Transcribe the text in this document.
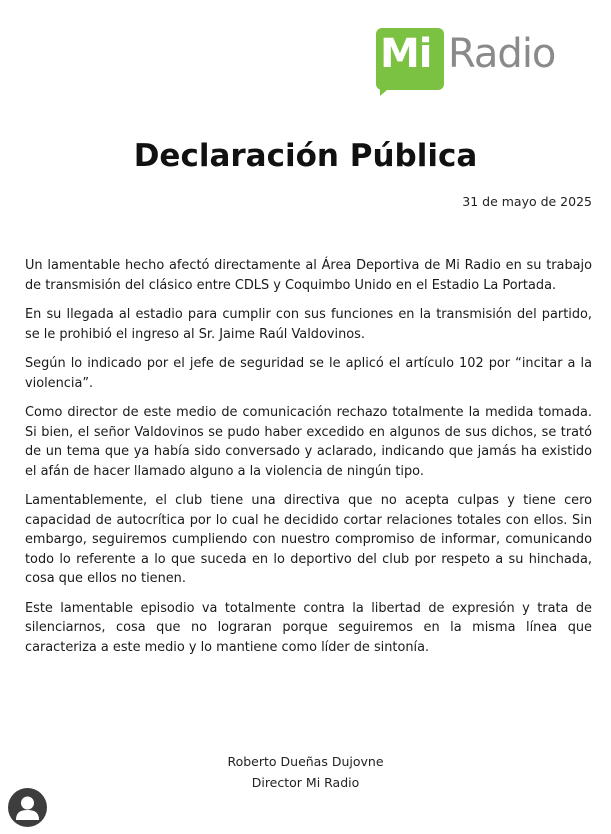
Mi Radio
Declaración Pública
31 de mayo de 2025

Un lamentable hecho afectó directamente al Área Deportiva de Mi Radio en su trabajo de transmisión del clásico entre CDLS y Coquimbo Unido en el Estadio La Portada.

En su llegada al estadio para cumplir con sus funciones en la transmisión del partido, se le prohibió el ingreso al Sr. Jaime Raúl Valdovinos.

Según lo indicado por el jefe de seguridad se le aplicó el artículo 102 por “incitar a la violencia”.

Como director de este medio de comunicación rechazo totalmente la medida tomada. Si bien, el señor Valdovinos se pudo haber excedido en algunos de sus dichos, se trató de un tema que ya había sido conversado y aclarado, indicando que jamás ha existido el afán de hacer llamado alguno a la violencia de ningún tipo.

Lamentablemente, el club tiene una directiva que no acepta culpas y tiene cero capacidad de autocrítica por lo cual he decidido cortar relaciones totales con ellos. Sin embargo, seguiremos cumpliendo con nuestro compromiso de informar, comunicando todo lo referente a lo que suceda en lo deportivo del club por respeto a su hinchada, cosa que ellos no tienen.

Este lamentable episodio va totalmente contra la libertad de expresión y trata de silenciarnos, cosa que no lograran porque seguiremos en la misma línea que caracteriza a este medio y lo mantiene como líder de sintonía.

Roberto Dueñas Dujovne
Director Mi Radio
